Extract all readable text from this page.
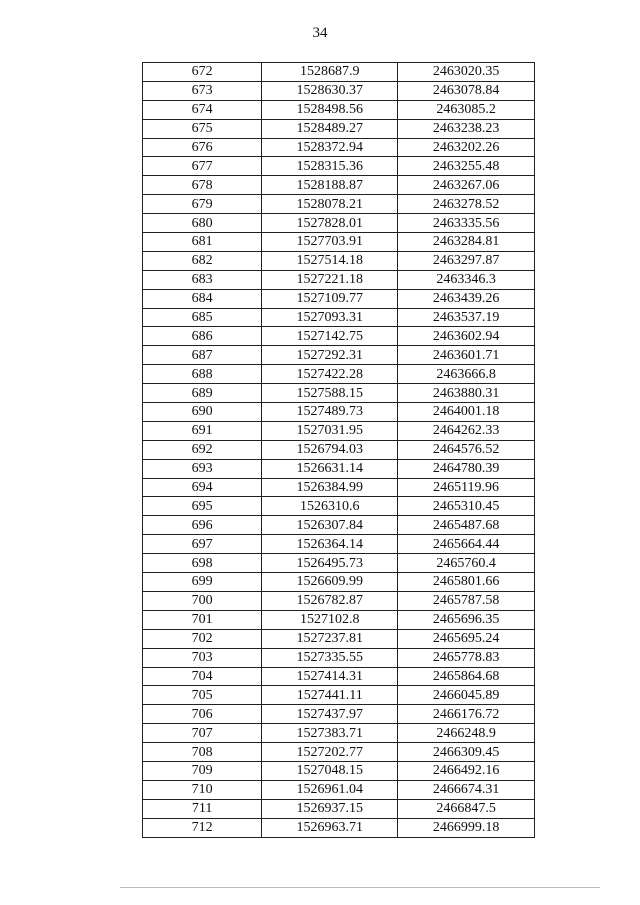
34
672	1528687.9	2463020.35
673	1528630.37	2463078.84
674	1528498.56	2463085.2
675	1528489.27	2463238.23
676	1528372.94	2463202.26
677	1528315.36	2463255.48
678	1528188.87	2463267.06
679	1528078.21	2463278.52
680	1527828.01	2463335.56
681	1527703.91	2463284.81
682	1527514.18	2463297.87
683	1527221.18	2463346.3
684	1527109.77	2463439.26
685	1527093.31	2463537.19
686	1527142.75	2463602.94
687	1527292.31	2463601.71
688	1527422.28	2463666.8
689	1527588.15	2463880.31
690	1527489.73	2464001.18
691	1527031.95	2464262.33
692	1526794.03	2464576.52
693	1526631.14	2464780.39
694	1526384.99	2465119.96
695	1526310.6	2465310.45
696	1526307.84	2465487.68
697	1526364.14	2465664.44
698	1526495.73	2465760.4
699	1526609.99	2465801.66
700	1526782.87	2465787.58
701	1527102.8	2465696.35
702	1527237.81	2465695.24
703	1527335.55	2465778.83
704	1527414.31	2465864.68
705	1527441.11	2466045.89
706	1527437.97	2466176.72
707	1527383.71	2466248.9
708	1527202.77	2466309.45
709	1527048.15	2466492.16
710	1526961.04	2466674.31
711	1526937.15	2466847.5
712	1526963.71	2466999.18
